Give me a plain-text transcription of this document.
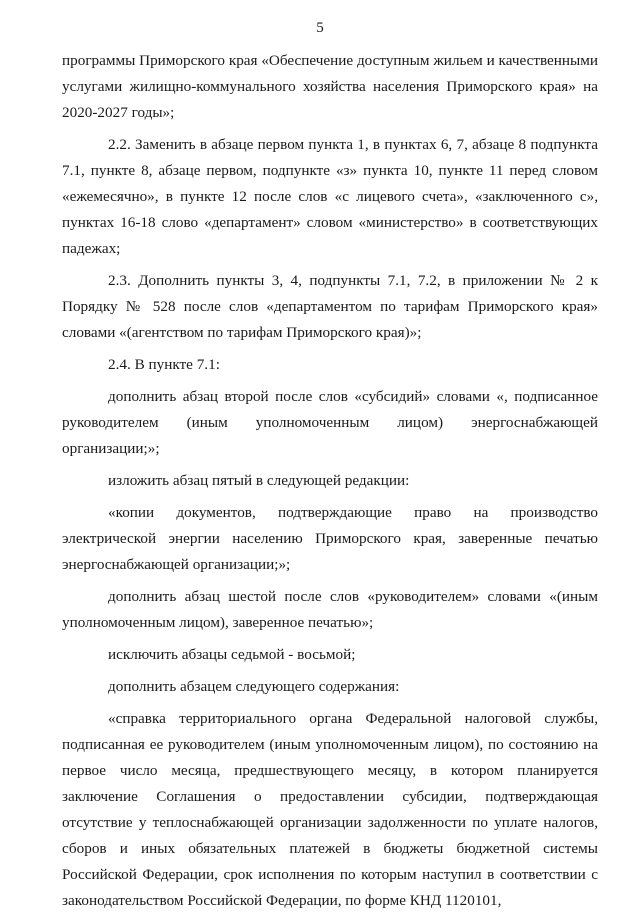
5

программы Приморского края «Обеспечение доступным жильем и качественными услугами жилищно-коммунального хозяйства населения Приморского края» на 2020-2027 годы»;

2.2. Заменить в абзаце первом пункта 1, в пунктах 6, 7, абзаце 8 подпункта 7.1, пункте 8, абзаце первом, подпункте «з» пункта 10, пункте 11 перед словом «ежемесячно», в пункте 12 после слов «с лицевого счета», «заключенного с», пунктах 16-18 слово «департамент» словом «министерство» в соответствующих падежах;

2.3. Дополнить пункты 3, 4, подпункты 7.1, 7.2, в приложении № 2 к Порядку № 528 после слов «департаментом по тарифам Приморского края» словами «(агентством по тарифам Приморского края)»;

2.4. В пункте 7.1:

дополнить абзац второй после слов «субсидий» словами «, подписанное руководителем (иным уполномоченным лицом) энергоснабжающей организации;»;

изложить абзац пятый в следующей редакции:

«копии документов, подтверждающие право на производство электрической энергии населению Приморского края, заверенные печатью энергоснабжающей организации;»;

дополнить абзац шестой после слов «руководителем» словами «(иным уполномоченным лицом), заверенное печатью»;

исключить абзацы седьмой - восьмой;

дополнить абзацем следующего содержания:

«справка территориального органа Федеральной налоговой службы, подписанная ее руководителем (иным уполномоченным лицом), по состоянию на первое число месяца, предшествующего месяцу, в котором планируется заключение Соглашения о предоставлении субсидии, подтверждающая отсутствие у теплоснабжающей организации задолженности по уплате налогов, сборов и иных обязательных платежей в бюджеты бюджетной системы Российской Федерации, срок исполнения по которым наступил в соответствии с законодательством Российской Федерации, по форме КНД 1120101,
